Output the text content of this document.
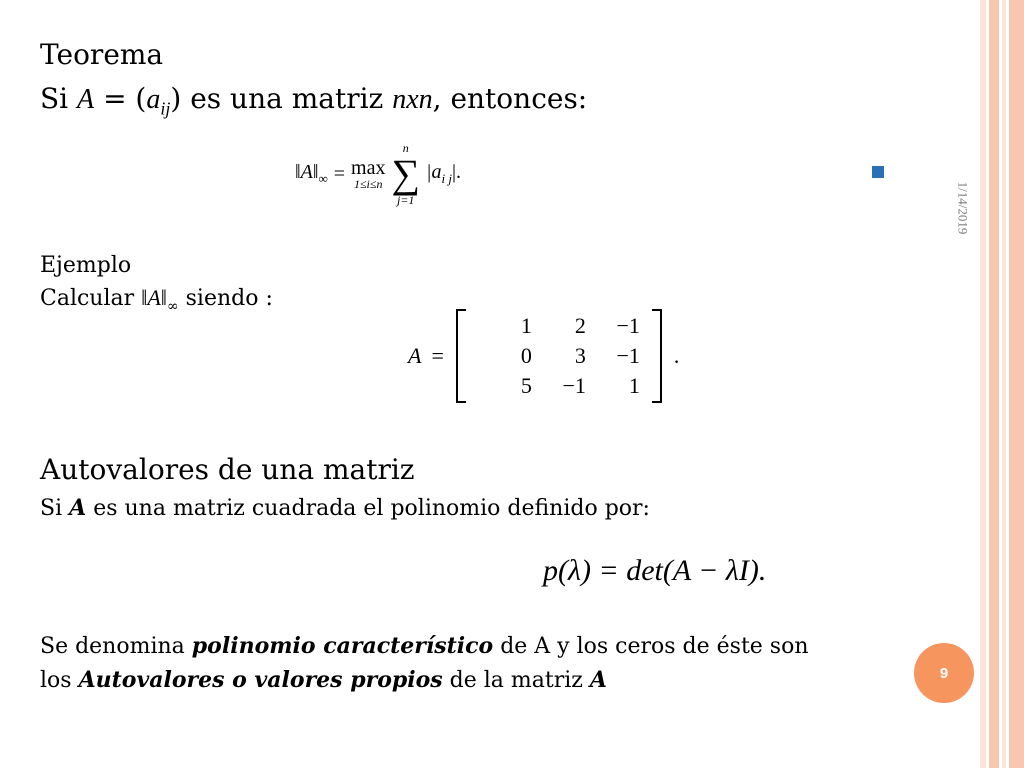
1/14/2019
Teorema
Si $A = (a_{ij})$ es una matriz nxn, entonces:
$‖A‖_\infty = \max$
1≤i≤n
n
∑
j=1
$|a_{i j}|$.
Ejemplo
Calcular $‖A‖_\infty$ siendo :
A =
1	2	−1
0	3	−1
5	−1	1
.
Autovalores de una matriz
Si A es una matriz cuadrada el polinomio definido por:
p(λ) = det(A − λI).
Se denomina polinomio característico de A y los ceros de éste son
los Autovalores o valores propios de la matriz A	9
